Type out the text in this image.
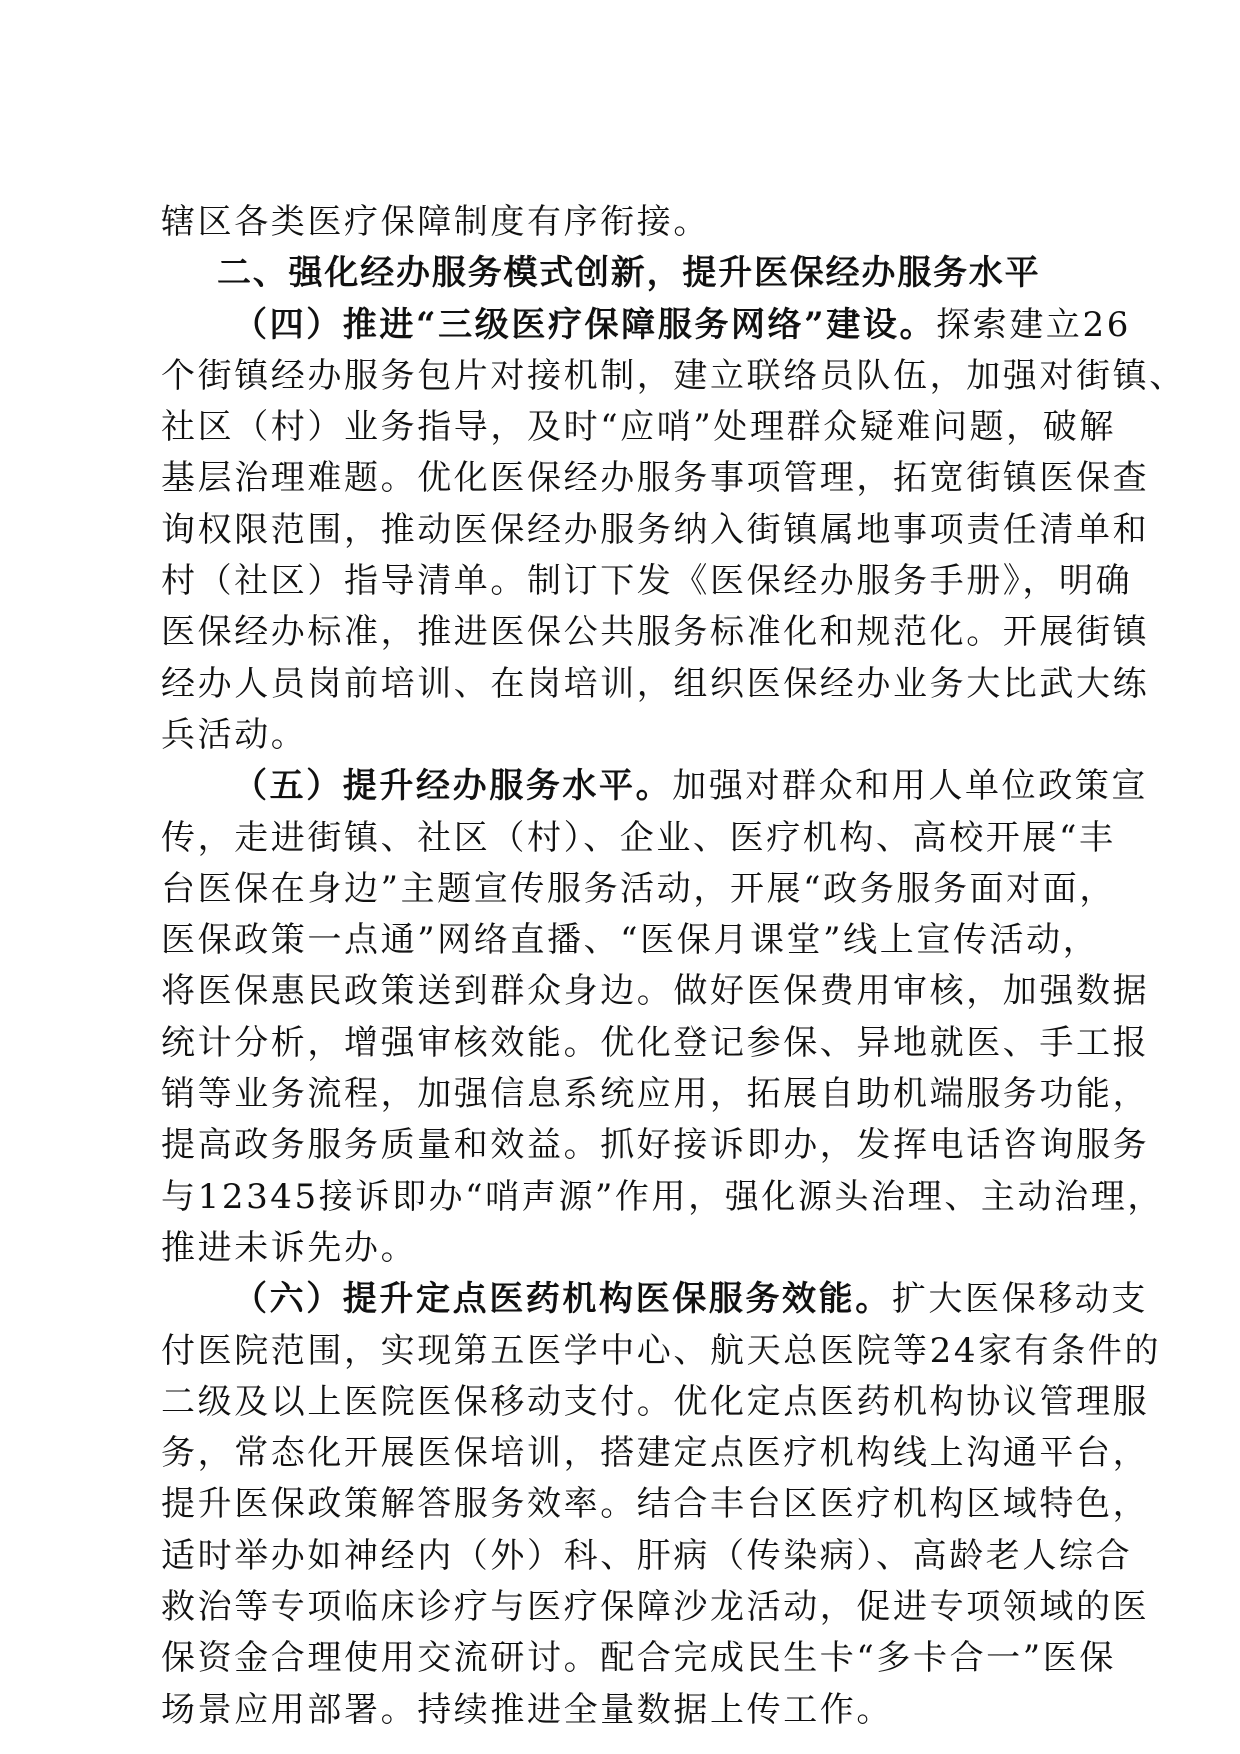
辖区各类医疗保障制度有序衔接。
二、强化经办服务模式创新，提升医保经办服务水平
（四）推进“三级医疗保障服务网络”建设。探索建立26
个街镇经办服务包片对接机制，建立联络员队伍，加强对街镇、
社区（村）业务指导，及时“应哨”处理群众疑难问题，破解
基层治理难题。优化医保经办服务事项管理，拓宽街镇医保查
询权限范围，推动医保经办服务纳入街镇属地事项责任清单和
村（社区）指导清单。制订下发《医保经办服务手册》，明确
医保经办标准，推进医保公共服务标准化和规范化。开展街镇
经办人员岗前培训、在岗培训，组织医保经办业务大比武大练
兵活动。
（五）提升经办服务水平。加强对群众和用人单位政策宣
传，走进街镇、社区（村）、企业、医疗机构、高校开展“丰
台医保在身边”主题宣传服务活动，开展“政务服务面对面，
医保政策一点通”网络直播、“医保月课堂”线上宣传活动，
将医保惠民政策送到群众身边。做好医保费用审核，加强数据
统计分析，增强审核效能。优化登记参保、异地就医、手工报
销等业务流程，加强信息系统应用，拓展自助机端服务功能，
提高政务服务质量和效益。抓好接诉即办，发挥电话咨询服务
与12345接诉即办“哨声源”作用，强化源头治理、主动治理，
推进未诉先办。
（六）提升定点医药机构医保服务效能。扩大医保移动支
付医院范围，实现第五医学中心、航天总医院等24家有条件的
二级及以上医院医保移动支付。优化定点医药机构协议管理服
务，常态化开展医保培训，搭建定点医疗机构线上沟通平台，
提升医保政策解答服务效率。结合丰台区医疗机构区域特色，
适时举办如神经内（外）科、肝病（传染病）、高龄老人综合
救治等专项临床诊疗与医疗保障沙龙活动，促进专项领域的医
保资金合理使用交流研讨。配合完成民生卡“多卡合一”医保
场景应用部署。持续推进全量数据上传工作。
